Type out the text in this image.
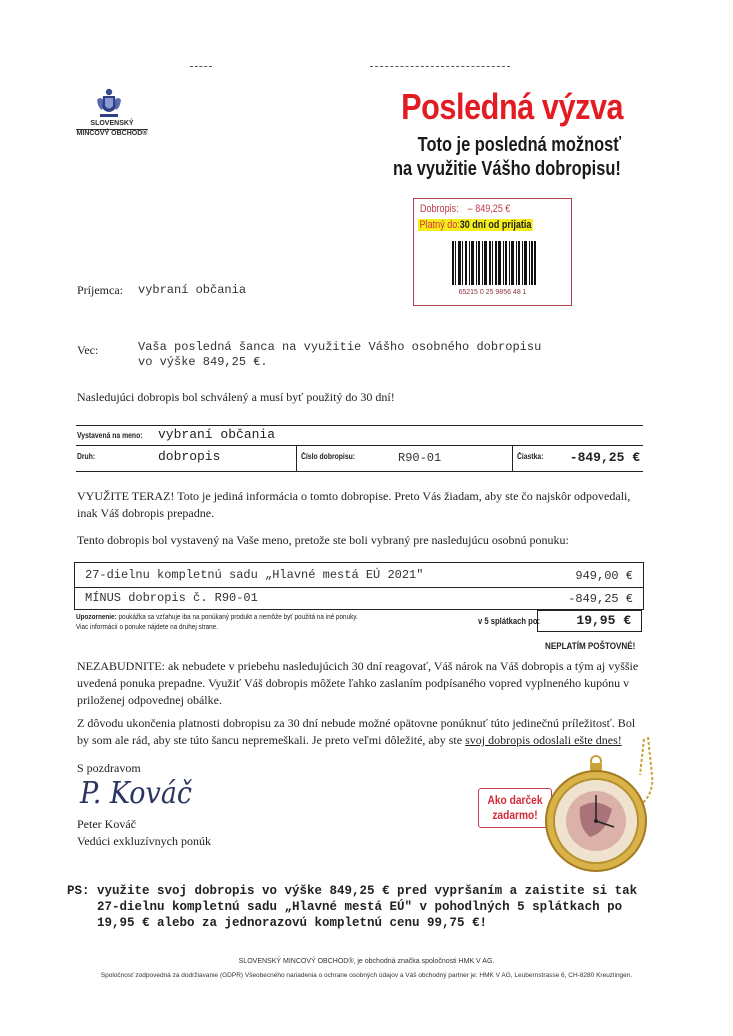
SLOVENSKÝ
MINCOVÝ OBCHOD®
Posledná výzva
Toto je posledná možnosť
na využitie Vášho dobropisu!
Dobropis: – 849,25 €
Platný do:30 dní od prijatia
65215 0 25 9856 48 1
Príjemca: vybraní občania
Vec:	Vaša posledná šanca na využitie Vášho osobného dobropisu
vo výške 849,25 €.
Nasledujúci dobropis bol schválený a musí byť použitý do 30 dní!
Vystavená na meno: vybraní občania
Druh:	dobropis	Číslo dobropisu:	R90-01	Čiastka: -849,25 €
VYUŽITE TERAZ! Toto je jediná informácia o tomto dobropise. Preto Vás žiadam, aby ste čo najskôr odpovedali, inak Váš dobropis prepadne.
Tento dobropis bol vystavený na Vaše meno, pretože ste boli vybraný pre nasledujúcu osobnú ponuku:
27-dielnu kompletnú sadu „Hlavné mestá EÚ 2021"	949,00 €
MÍNUS dobropis č. R90-01	-849,25 €
Upozornenie: poukážka sa vzťahuje iba na ponúkaný produkt a nemôže byť použitá na iné ponuky.
Viac informácií o ponuke nájdete na druhej strane.
v 5 splátkach po:	19,95 €
NEPLATÍM POŠTOVNÉ!
NEZABUDNITE: ak nebudete v priebehu nasledujúcich 30 dní reagovať, Váš nárok na Váš dobropis a tým aj vyššie uvedená ponuka prepadne. Využiť Váš dobropis môžete ľahko zaslaním podpísaného vopred vyplneného kupónu v priloženej odpovednej obálke.
Z dôvodu ukončenia platnosti dobropisu za 30 dní nebude možné opätovne ponúknuť túto jedinečnú príležitosť. Bol by som ale rád, aby ste túto šancu nepremeškali. Je preto veľmi dôležité, aby ste svoj dobropis odoslali ešte dnes!
S pozdravom
P. Kováč
Peter Kováč
Vedúci exkluzívnych ponúk
Ako darček
zadarmo!
PS: využite svoj dobropis vo výške 849,25 € pred vypršaním a zaistite si tak
27-dielnu kompletnú sadu „Hlavné mestá EÚ" v pohodlných 5 splátkach po
19,95 € alebo za jednorazovú kompletnú cenu 99,75 €!
SLOVENSKÝ MINCOVÝ OBCHOD®, je obchodná značka spoločnosti HMK V AG.
Spoločnosť zodpovedná za dodržiavanie (GDPR) Všeobecného nariadenia o ochrane osobných údajov a Váš obchodný partner je: HMK V AG, Leubernstrasse 6, CH-8280 Kreuzlingen.
